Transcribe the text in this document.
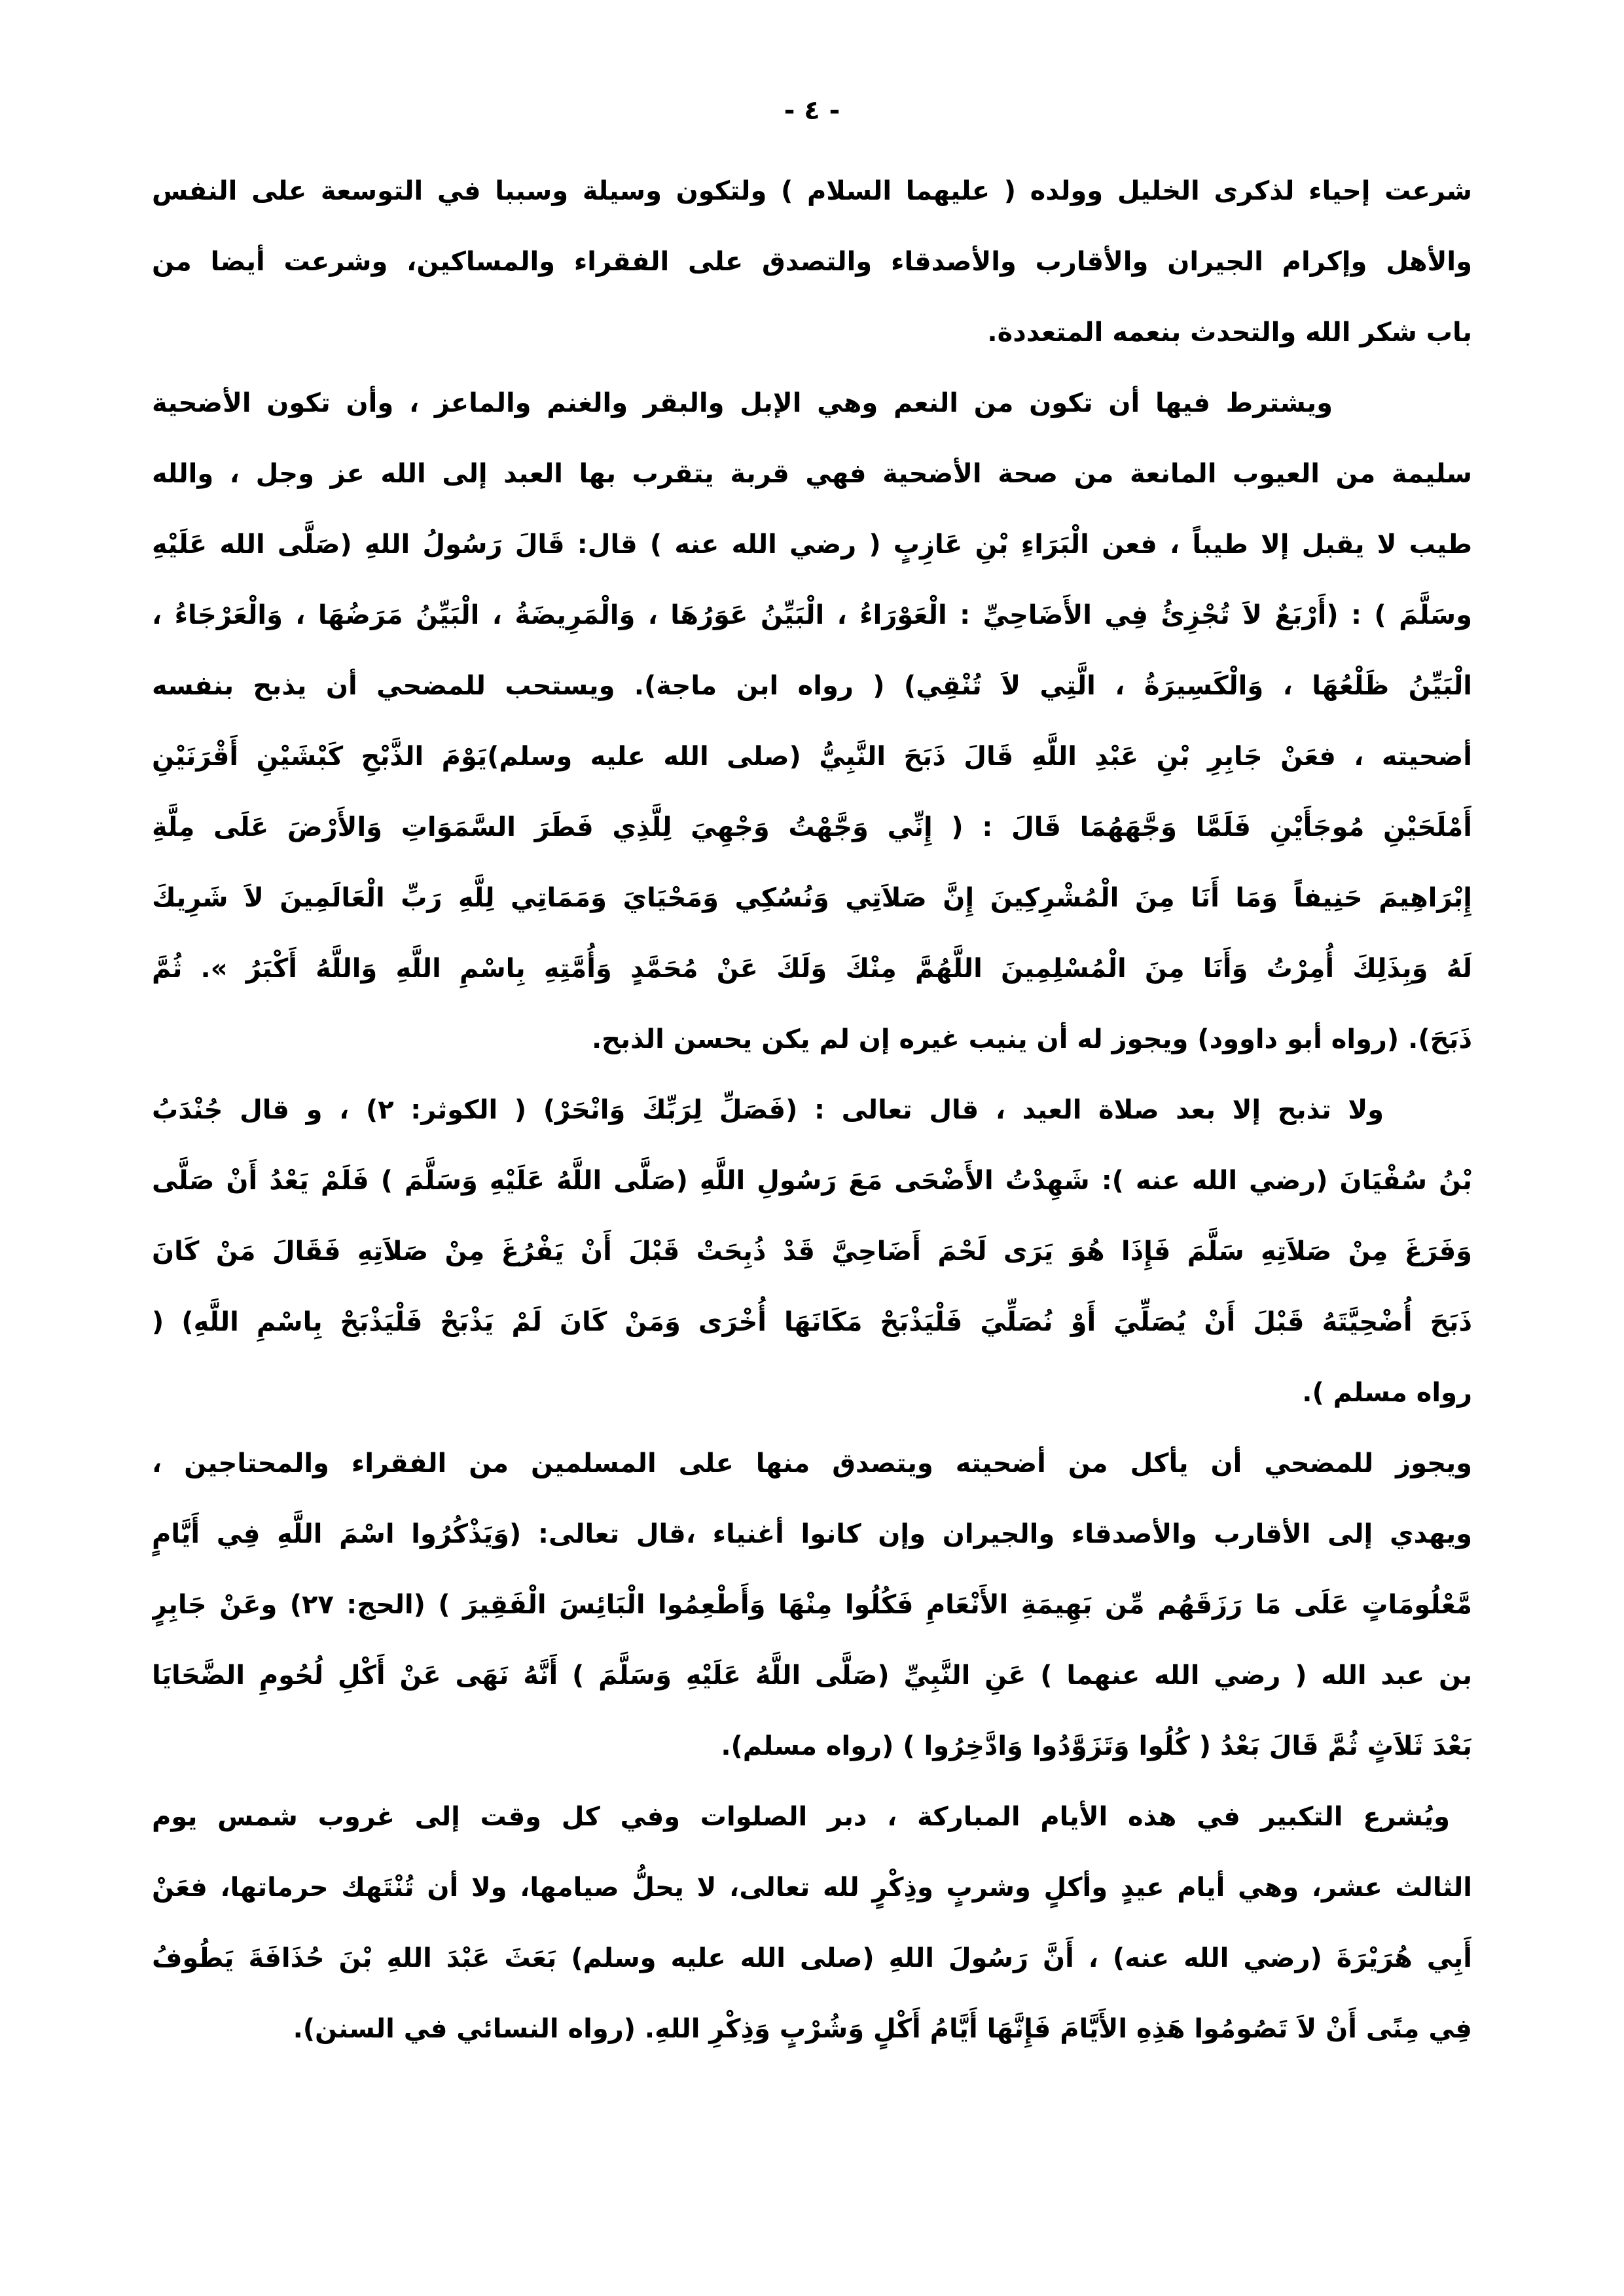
- ٤ -
شرعت إحياء لذكرى الخليل وولده ( عليهما السلام ) ولتكون وسيلة وسببا في التوسعة على النفس
والأهل وإكرام الجيران والأقارب والأصدقاء والتصدق على الفقراء والمساكين، وشرعت أيضا من
باب شكر الله والتحدث بنعمه المتعددة.
ويشترط فيها أن تكون من النعم وهي الإبل والبقر والغنم والماعز ، وأن تكون الأضحية
سليمة من العيوب المانعة من صحة الأضحية فهي قربة يتقرب بها العبد إلى الله عز وجل ، والله
طيب لا يقبل إلا طيباً ، فعن الْبَرَاءِ بْنِ عَازِبٍ ( رضي الله عنه ) قال: قَالَ رَسُولُ اللهِ (صَلَّى الله عَلَيْهِ
وسَلَّمَ ) : (أَرْبَعٌ لاَ تُجْزِئُ فِي الأَضَاحِيِّ : الْعَوْرَاءُ ، الْبَيِّنُ عَوَرُهَا ، وَالْمَرِيضَةُ ، الْبَيِّنُ مَرَضُهَا ، وَالْعَرْجَاءُ ،
الْبَيِّنُ ظَلْعُهَا ، وَالْكَسِيرَةُ ، الَّتِي لاَ تُنْقِي) ( رواه ابن ماجة). ويستحب للمضحي أن يذبح بنفسه
أضحيته ، فعَنْ جَابِرِ بْنِ عَبْدِ اللَّهِ قَالَ ذَبَحَ النَّبِيُّ (صلى الله عليه وسلم)يَوْمَ الذَّبْحِ كَبْشَيْنِ أَقْرَنَيْنِ
أَمْلَحَيْنِ مُوجَأَيْنِ فَلَمَّا وَجَّهَهُمَا قَالَ : ( إِنِّي وَجَّهْتُ وَجْهِيَ لِلَّذِي فَطَرَ السَّمَوَاتِ وَالأَرْضَ عَلَى مِلَّةِ
إِبْرَاهِيمَ حَنِيفاً وَمَا أَنَا مِنَ الْمُشْرِكِينَ إِنَّ صَلاَتِي وَنُسُكِي وَمَحْيَايَ وَمَمَاتِي لِلَّهِ رَبِّ الْعَالَمِينَ لاَ شَرِيكَ
لَهُ وَبِذَلِكَ أُمِرْتُ وَأَنَا مِنَ الْمُسْلِمِينَ اللَّهُمَّ مِنْكَ وَلَكَ عَنْ مُحَمَّدٍ وَأُمَّتِهِ بِاسْمِ اللَّهِ وَاللَّهُ أَكْبَرُ ». ثُمَّ
ذَبَحَ). (رواه أبو داوود) ويجوز له أن ينيب غيره إن لم يكن يحسن الذبح.
ولا تذبح إلا بعد صلاة العيد ، قال تعالى : (فَصَلِّ لِرَبِّكَ وَانْحَرْ) ( الكوثر: ٢) ، و قال جُنْدَبُ
بْنُ سُفْيَانَ (رضي الله عنه ): شَهِدْتُ الأَضْحَى مَعَ رَسُولِ اللَّهِ (صَلَّى اللَّهُ عَلَيْهِ وَسَلَّمَ ) فَلَمْ يَعْدُ أَنْ صَلَّى
وَفَرَغَ مِنْ صَلاَتِهِ سَلَّمَ فَإِذَا هُوَ يَرَى لَحْمَ أَضَاحِيَّ قَدْ ذُبِحَتْ قَبْلَ أَنْ يَفْرُغَ مِنْ صَلاَتِهِ فَقَالَ مَنْ كَانَ
ذَبَحَ أُضْحِيَّتَهُ قَبْلَ أَنْ يُصَلِّيَ أَوْ نُصَلِّيَ فَلْيَذْبَحْ مَكَانَهَا أُخْرَى وَمَنْ كَانَ لَمْ يَذْبَحْ فَلْيَذْبَحْ بِاسْمِ اللَّهِ) (
رواه مسلم ).
ويجوز للمضحي أن يأكل من أضحيته ويتصدق منها على المسلمين من الفقراء والمحتاجين ،
ويهدي إلى الأقارب والأصدقاء والجيران وإن كانوا أغنياء ،قال تعالى: (وَيَذْكُرُوا اسْمَ اللَّهِ فِي أَيَّامٍ
مَّعْلُومَاتٍ عَلَى مَا رَزَقَهُم مِّن بَهِيمَةِ الأَنْعَامِ فَكُلُوا مِنْهَا وَأَطْعِمُوا الْبَائِسَ الْفَقِيرَ ) (الحج: ٢٧) وعَنْ جَابِرٍ
بن عبد الله ( رضي الله عنهما ) عَنِ النَّبِيِّ (صَلَّى اللَّهُ عَلَيْهِ وَسَلَّمَ ) أَنَّهُ نَهَى عَنْ أَكْلِ لُحُومِ الضَّحَايَا
بَعْدَ ثَلاَثٍ ثُمَّ قَالَ بَعْدُ ( كُلُوا وَتَزَوَّدُوا وَادَّخِرُوا ) (رواه مسلم).
ويُشرع التكبير في هذه الأيام المباركة ، دبر الصلوات وفي كل وقت إلى غروب شمس يوم
الثالث عشر، وهي أيام عيدٍ وأكلٍ وشربٍ وذِكْرٍ لله تعالى، لا يحلُّ صيامها، ولا أن تُنْتَهك حرماتها، فعَنْ
أَبِي هُرَيْرَةَ (رضي الله عنه) ، أَنَّ رَسُولَ اللهِ (صلى الله عليه وسلم) بَعَثَ عَبْدَ اللهِ بْنَ حُذَافَةَ يَطُوفُ
فِي مِنًى أَنْ لاَ تَصُومُوا هَذِهِ الأَيَّامَ فَإِنَّهَا أَيَّامُ أَكْلٍ وَشُرْبٍ وَذِكْرِ اللهِ. (رواه النسائي في السنن).
